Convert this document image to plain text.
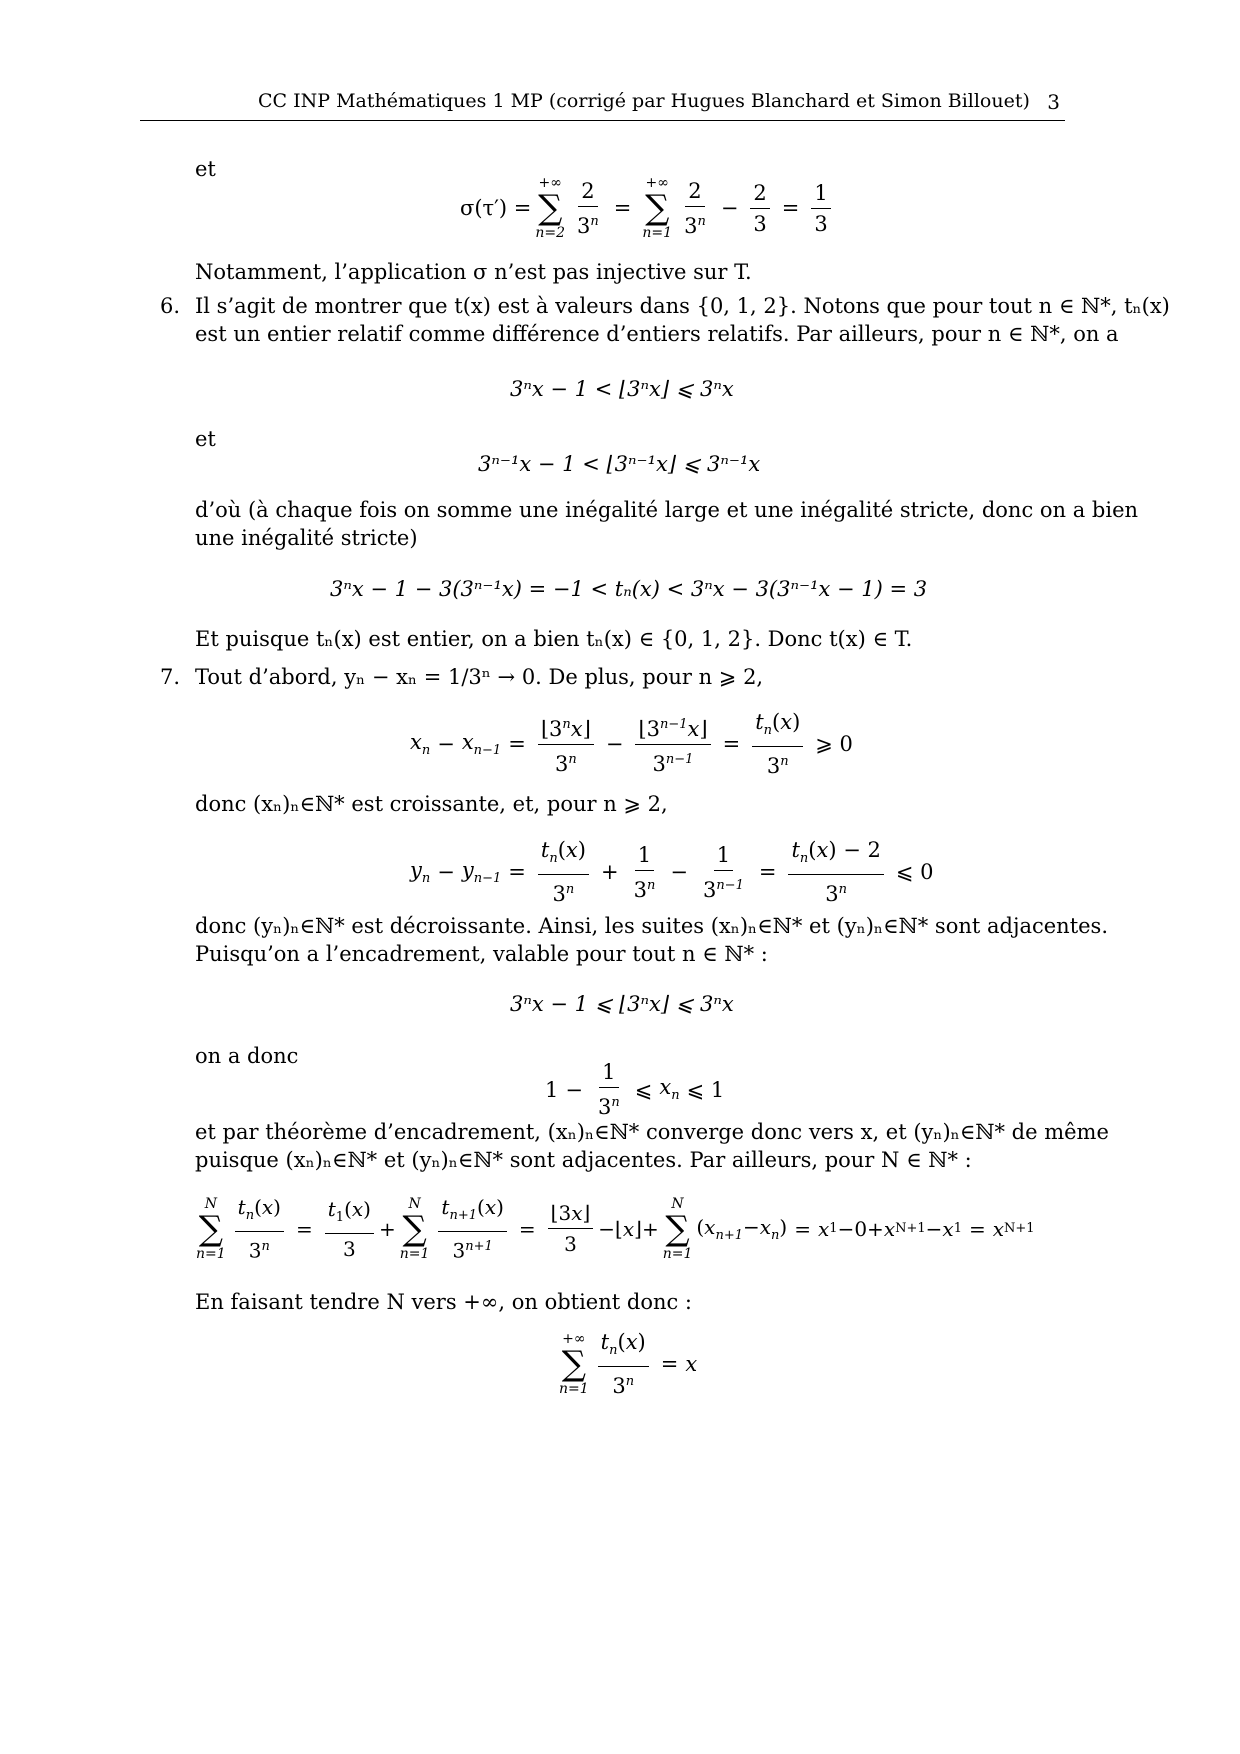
CC INP Mathématiques 1 MP (corrigé par Hugues Blanchard et Simon Billouet) 3
et
σ(τ′) =
+∞
∑
$n=2 \frac{2}{3^n}$ =
+∞
∑
$n=1 \frac{2}{3^n} - \frac{2}{3} = \frac{1}{3}$
Notamment, l’application σ n’est pas injective sur T.
6. Il s’agit de montrer que t(x) est à valeurs dans {0, 1, 2}. Notons que pour tout n ∈ ℕ*, tₙ(x)
est un entier relatif comme différence d’entiers relatifs. Par ailleurs, pour n ∈ ℕ*, on a
3ⁿx − 1 < ⌊3ⁿx⌋ ⩽ 3ⁿx
et
3ⁿ⁻¹x − 1 < ⌊3ⁿ⁻¹x⌋ ⩽ 3ⁿ⁻¹x
d’où (à chaque fois on somme une inégalité large et une inégalité stricte, donc on a bien
une inégalité stricte)
3ⁿx − 1 − 3(3ⁿ⁻¹x) = −1 < tₙ(x) < 3ⁿx − 3(3ⁿ⁻¹x − 1) = 3
Et puisque tₙ(x) est entier, on a bien tₙ(x) ∈ {0, 1, 2}. Donc t(x) ∈ T.
7. Tout d’abord, yₙ − xₙ = 1/3ⁿ → 0. De plus, pour n ⩾ 2,
$x_n - x_{n-1} = \frac{⌊3^nx⌋}{3^n} - \frac{⌊3^{n-1}x⌋}{3^{n-1}} = \frac{t_n(x)}{3^n}$ ⩾ 0
donc (xₙ)ₙ∈ℕ* est croissante, et, pour n ⩾ 2,
$y_n - y_{n-1} = \frac{t_n(x)}{3^n} + \frac{1}{3^n} - \frac{1}{3^{n-1}} = \frac{t_n(x) - 2}{3^n}$ ⩽ 0
donc (yₙ)ₙ∈ℕ* est décroissante. Ainsi, les suites (xₙ)ₙ∈ℕ* et (yₙ)ₙ∈ℕ* sont adjacentes.
Puisqu’on a l’encadrement, valable pour tout n ∈ ℕ* :
3ⁿx − 1 ⩽ ⌊3ⁿx⌋ ⩽ 3ⁿx
on a donc
$1 - \frac{1}{3^n}$ ⩽ $x_n$ ⩽ 1
et par théorème d’encadrement, (xₙ)ₙ∈ℕ* converge donc vers x, et (yₙ)ₙ∈ℕ* de même
puisque (xₙ)ₙ∈ℕ* et (yₙ)ₙ∈ℕ* sont adjacentes. Par ailleurs, pour N ∈ ℕ* :
N
∑
$n=1 \frac{t_n(x)}{3^n} = \frac{t_1(x)}{3}$ +
N
∑
$n=1 \frac{t_{n+1}(x)}{3^{n+1}} = \frac{⌊3x⌋}{3}$ −⌊x⌋+
N
∑
n=1
$(x_{n+1}-x_n) = x$ 1 −0+ x N+1 − x 1 = x N+1
En faisant tendre N vers +∞, on obtient donc :
+∞
∑
$n=1 \frac{t_n(x)}{3^n} = x$
